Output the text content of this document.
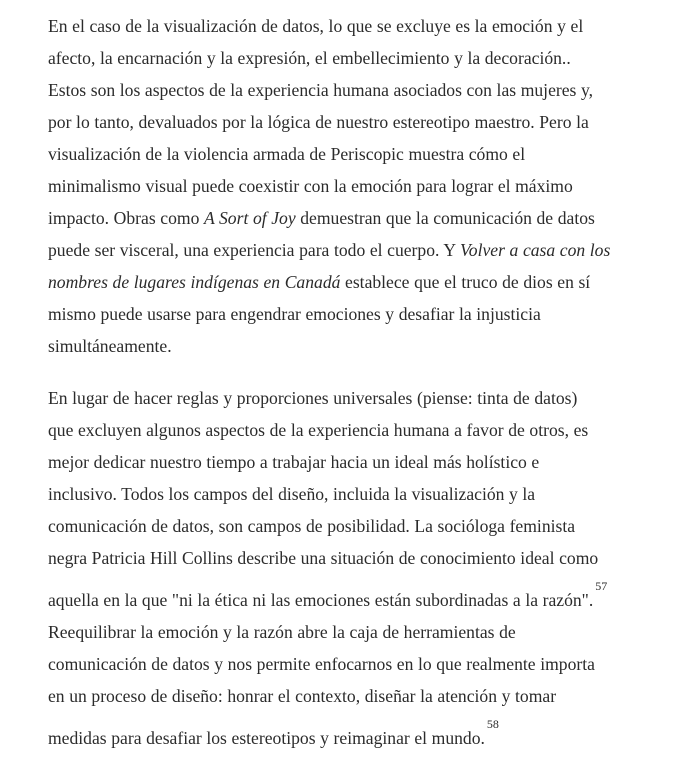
En el caso de la visualización de datos, lo que se excluye es la emoción y el
afecto, la encarnación y la expresión, el embellecimiento y la decoración..
Estos son los aspectos de la experiencia humana asociados con las mujeres y,
por lo tanto, devaluados por la lógica de nuestro estereotipo maestro. Pero la
visualización de la violencia armada de Periscopic muestra cómo el
minimalismo visual puede coexistir con la emoción para lograr el máximo
impacto. Obras como A Sort of Joy demuestran que la comunicación de datos
puede ser visceral, una experiencia para todo el cuerpo. Y Volver a casa con los
nombres de lugares indígenas en Canadá establece que el truco de dios en sí
mismo puede usarse para engendrar emociones y desafiar la injusticia
simultáneamente.

En lugar de hacer reglas y proporciones universales (piense: tinta de datos)
que excluyen algunos aspectos de la experiencia humana a favor de otros, es
mejor dedicar nuestro tiempo a trabajar hacia un ideal más holístico e
inclusivo. Todos los campos del diseño, incluida la visualización y la
comunicación de datos, son campos de posibilidad. La socióloga feminista
negra Patricia Hill Collins describe una situación de conocimiento ideal como
aquella en la que "ni la ética ni las emociones están subordinadas a la razón".$^{57}$
Reequilibrar la emoción y la razón abre la caja de herramientas de
comunicación de datos y nos permite enfocarnos en lo que realmente importa
en un proceso de diseño: honrar el contexto, diseñar la atención y tomar
medidas para desafiar los estereotipos y reimaginar el mundo.$^{58}$
